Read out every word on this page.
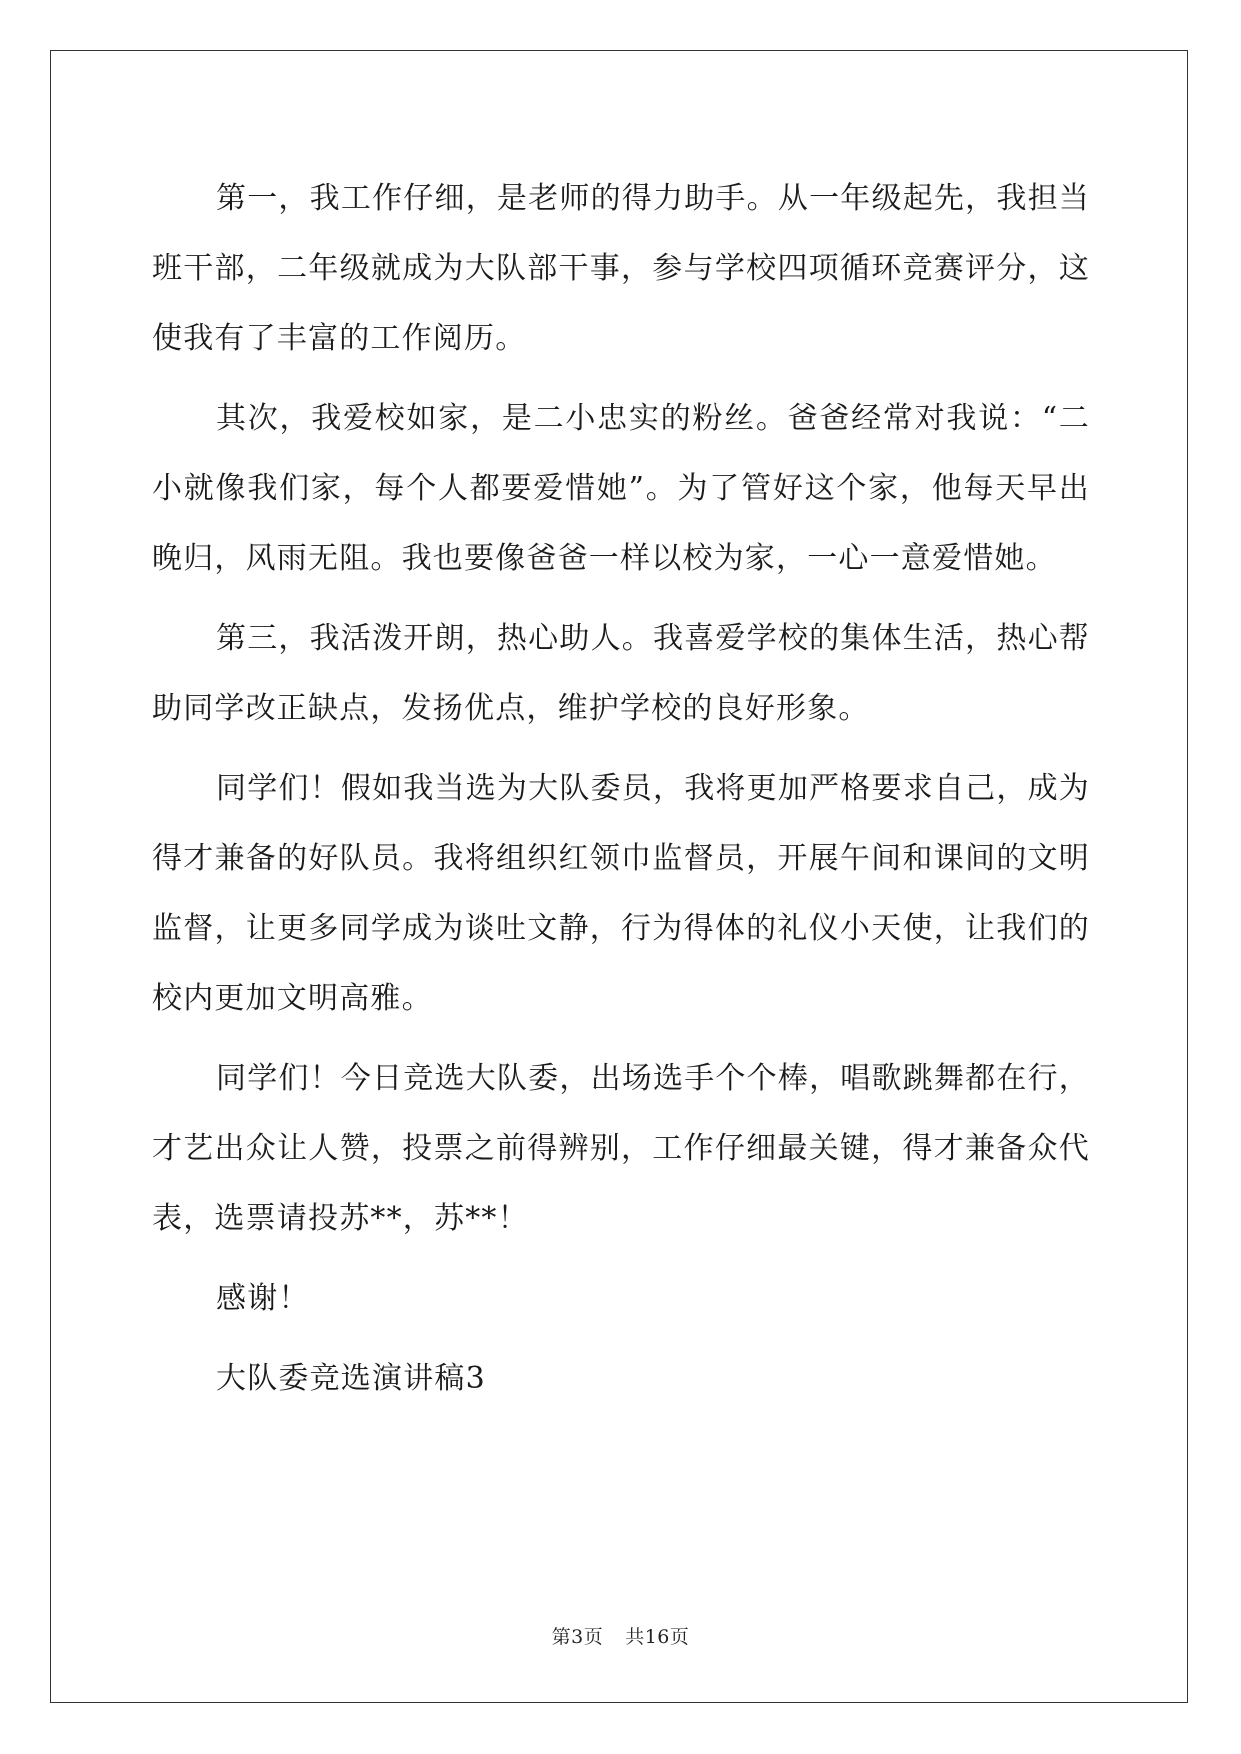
第一，我工作仔细，是老师的得力助手。从一年级起先，我担当班干部，二年级就成为大队部干事，参与学校四项循环竞赛评分，这使我有了丰富的工作阅历。

其次，我爱校如家，是二小忠实的粉丝。爸爸经常对我说：“二小就像我们家，每个人都要爱惜她”。为了管好这个家，他每天早出晚归，风雨无阻。我也要像爸爸一样以校为家，一心一意爱惜她。

第三，我活泼开朗，热心助人。我喜爱学校的集体生活，热心帮助同学改正缺点，发扬优点，维护学校的良好形象。

同学们！假如我当选为大队委员，我将更加严格要求自己，成为得才兼备的好队员。我将组织红领巾监督员，开展午间和课间的文明监督，让更多同学成为谈吐文静，行为得体的礼仪小天使，让我们的校内更加文明高雅。

同学们！今日竞选大队委，出场选手个个棒，唱歌跳舞都在行，才艺出众让人赞，投票之前得辨别，工作仔细最关键，得才兼备众代表，选票请投苏**，苏**！

感谢！

大队委竞选演讲稿3

第3页 共16页
